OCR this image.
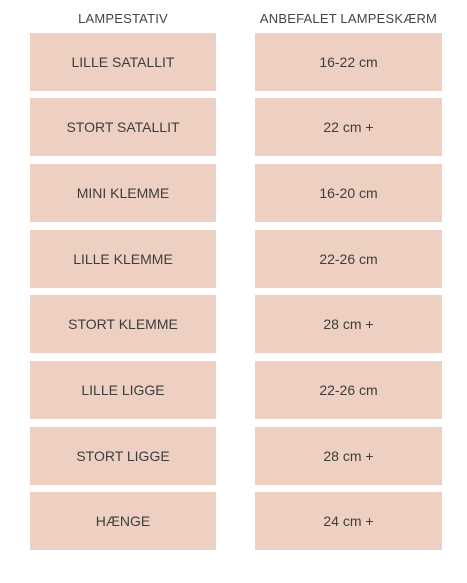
LAMPESTATIV	ANBEFALET LAMPESKÆRM
LILLE SATALLIT	16-22 cm
STORT SATALLIT	22 cm +
MINI KLEMME	16-20 cm
LILLE KLEMME	22-26 cm
STORT KLEMME	28 cm +
LILLE LIGGE	22-26 cm
STORT LIGGE	28 cm +
HÆNGE	24 cm +
